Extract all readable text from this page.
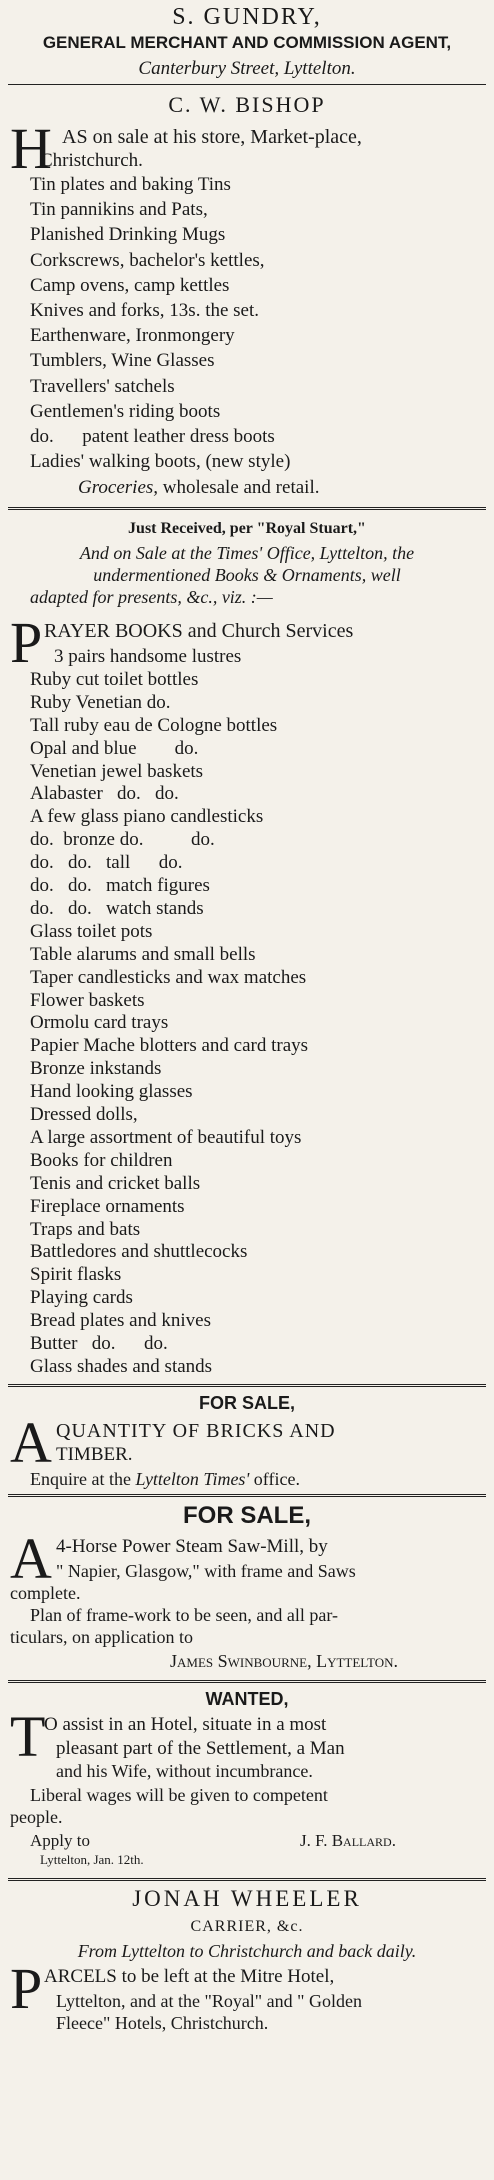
S. GUNDRY,
GENERAL MERCHANT AND COMMISSION AGENT,
Canterbury Street, Lyttelton.
C. W. BISHOP
H AS on sale at his store, Market-place,
Christchurch.
Tin plates and baking Tins
Tin pannikins and Pats,
Planished Drinking Mugs
Corkscrews, bachelor's kettles,
Camp ovens, camp kettles
Knives and forks, 13s. the set.
Earthenware, Ironmongery
Tumblers, Wine Glasses
Travellers' satchels
Gentlemen's riding boots
do.      patent leather dress boots
Ladies' walking boots, (new style)
Groceries, wholesale and retail.
Just Received, per "Royal Stuart,"
And on Sale at the Times' Office, Lyttelton, the
undermentioned Books & Ornaments, well
adapted for presents, &c., viz. :—
P RAYER BOOKS and Church Services
3 pairs handsome lustres
Ruby cut toilet bottles
Ruby Venetian do.
Tall ruby eau de Cologne bottles
Opal and blue        do.
Venetian jewel baskets
Alabaster   do.   do.
A few glass piano candlesticks
do.  bronze do.          do.
do.   do.   tall      do.
do.   do.   match figures
do.   do.   watch stands
Glass toilet pots
Table alarums and small bells
Taper candlesticks and wax matches
Flower baskets
Ormolu card trays
Papier Mache blotters and card trays
Bronze inkstands
Hand looking glasses
Dressed dolls,
A large assortment of beautiful toys
Books for children
Tenis and cricket balls
Fireplace ornaments
Traps and bats
Battledores and shuttlecocks
Spirit flasks
Playing cards
Bread plates and knives
Butter   do.      do.
Glass shades and stands
FOR SALE,
A QUANTITY OF BRICKS AND
TIMBER.
Enquire at the Lyttelton Times' office.
FOR SALE,
A 4-Horse Power Steam Saw-Mill, by
" Napier, Glasgow," with frame and Saws
complete.
Plan of frame-work to be seen, and all par-
ticulars, on application to
James Swinbourne, Lyttelton.
WANTED,
T
O assist in an Hotel, situate in a most
pleasant part of the Settlement, a Man
and his Wife, without incumbrance.
Liberal wages will be given to competent
people.
Apply to	J. F. Ballard.
Lyttelton, Jan. 12th.
JONAH WHEELER
CARRIER, &c.
From Lyttelton to Christchurch and back daily.
P ARCELS to be left at the Mitre Hotel,
Lyttelton, and at the "Royal" and " Golden
Fleece" Hotels, Christchurch.
